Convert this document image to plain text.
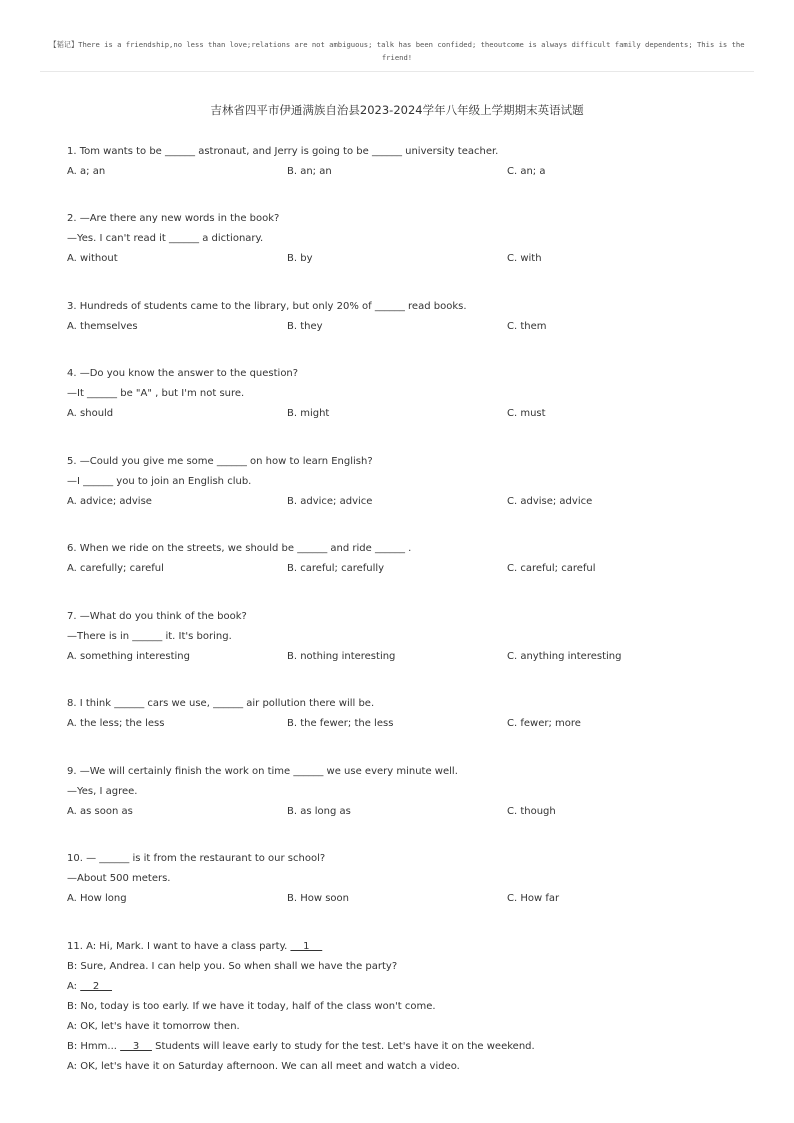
【韬记】There is a friendship,no less than love;relations are not ambiguous; talk has been confided; theoutcome is always difficult family dependents; This is the friend!
吉林省四平市伊通满族自治县2023-2024学年八年级上学期期末英语试题
1. Tom wants to be ______ astronaut, and Jerry is going to be ______ university teacher.
A. a; an	B. an; an	C. an; a
2. —Are there any new words in the book?
—Yes. I can't read it ______ a dictionary.
A. without	B. by	C. with
3. Hundreds of students came to the library, but only 20% of ______ read books.
A. themselves	B. they	C. them
4. —Do you know the answer to the question?
—It ______ be "A" , but I'm not sure.
A. should	B. might	C. must
5. —Could you give me some ______ on how to learn English?
—I ______ you to join an English club.
A. advice; advise	B. advice; advice	C. advise; advice
6. When we ride on the streets, we should be ______ and ride ______ .
A. carefully; careful	B. careful; carefully	C. careful; careful
7. —What do you think of the book?
—There is in ______ it. It's boring.
A. something interesting	B. nothing interesting	C. anything interesting
8. I think ______ cars we use, ______ air pollution there will be.
A. the less; the less	B. the fewer; the less	C. fewer; more
9. —We will certainly finish the work on time ______ we use every minute well.
—Yes, I agree.
A. as soon as	B. as long as	C. though
10. — ______ is it from the restaurant to our school?
—About 500 meters.
A. How long	B. How soon	C. How far
11. A: Hi, Mark. I want to have a class party.     1
B: Sure, Andrea. I can help you. So when shall we have the party?
A:     2
B: No, today is too early. If we have it today, half of the class won't come.
A: OK, let's have it tomorrow then.
B: Hmm...     3     Students will leave early to study for the test. Let's have it on the weekend.
A: OK, let's have it on Saturday afternoon. We can all meet and watch a video.
